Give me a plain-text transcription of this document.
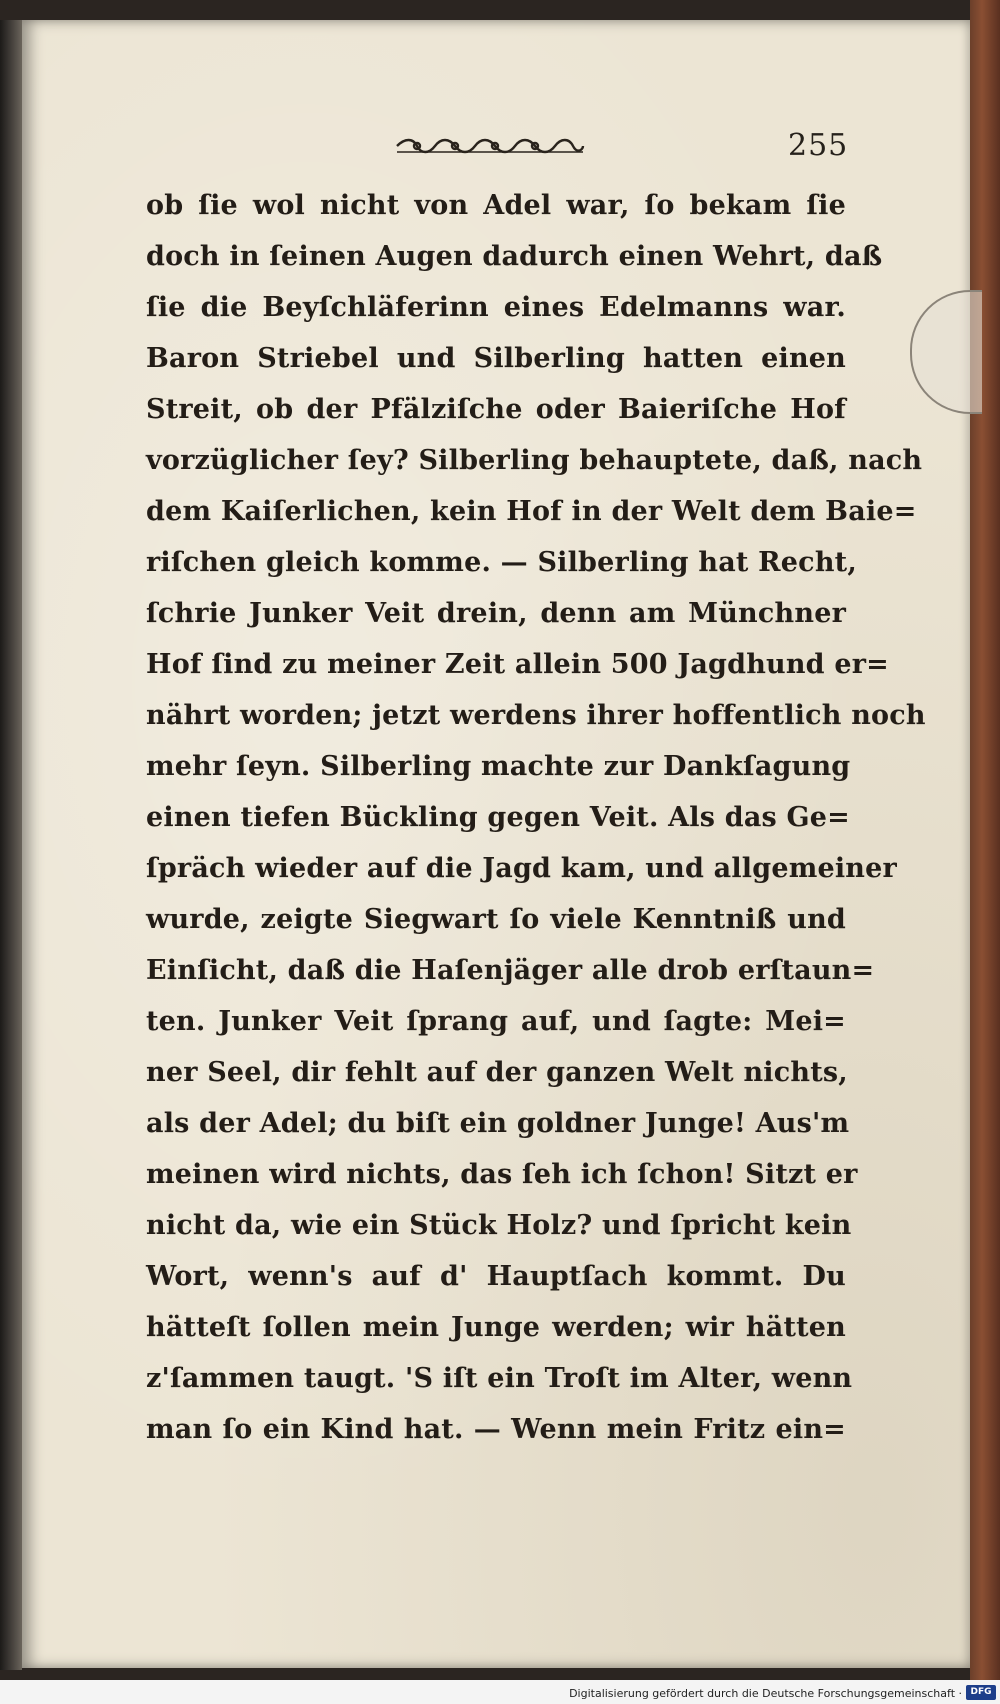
255
ob ſie wol nicht von Adel war, ſo bekam ſie
doch in ſeinen Augen dadurch einen Wehrt, daß
ſie die Beyſchläferinn eines Edelmanns war.
Baron Striebel und Silberling hatten einen
Streit, ob der Pfälziſche oder Baieriſche Hof
vorzüglicher ſey? Silberling behauptete, daß, nach
dem Kaiſerlichen, kein Hof in der Welt dem Baie=
riſchen gleich komme. — Silberling hat Recht,
ſchrie Junker Veit drein, denn am Münchner
Hof ſind zu meiner Zeit allein 500 Jagdhund er=
nährt worden; jetzt werdens ihrer hoffentlich noch
mehr ſeyn. Silberling machte zur Dankſagung
einen tiefen Bückling gegen Veit. Als das Ge=
ſpräch wieder auf die Jagd kam, und allgemeiner
wurde, zeigte Siegwart ſo viele Kenntniß und
Einſicht, daß die Haſenjäger alle drob erſtaun=
ten. Junker Veit ſprang auf, und ſagte: Mei=
ner Seel, dir fehlt auf der ganzen Welt nichts,
als der Adel; du biſt ein goldner Junge! Aus'm
meinen wird nichts, das ſeh ich ſchon! Sitzt er
nicht da, wie ein Stück Holz? und ſpricht kein
Wort, wenn's auf d' Hauptſach kommt. Du
hätteſt ſollen mein Junge werden; wir hätten
z'ſammen taugt. 'S iſt ein Troſt im Alter, wenn
man ſo ein Kind hat. — Wenn mein Fritz ein=
Digitalisierung gefördert durch die Deutsche Forschungsgemeinschaft · DFG
